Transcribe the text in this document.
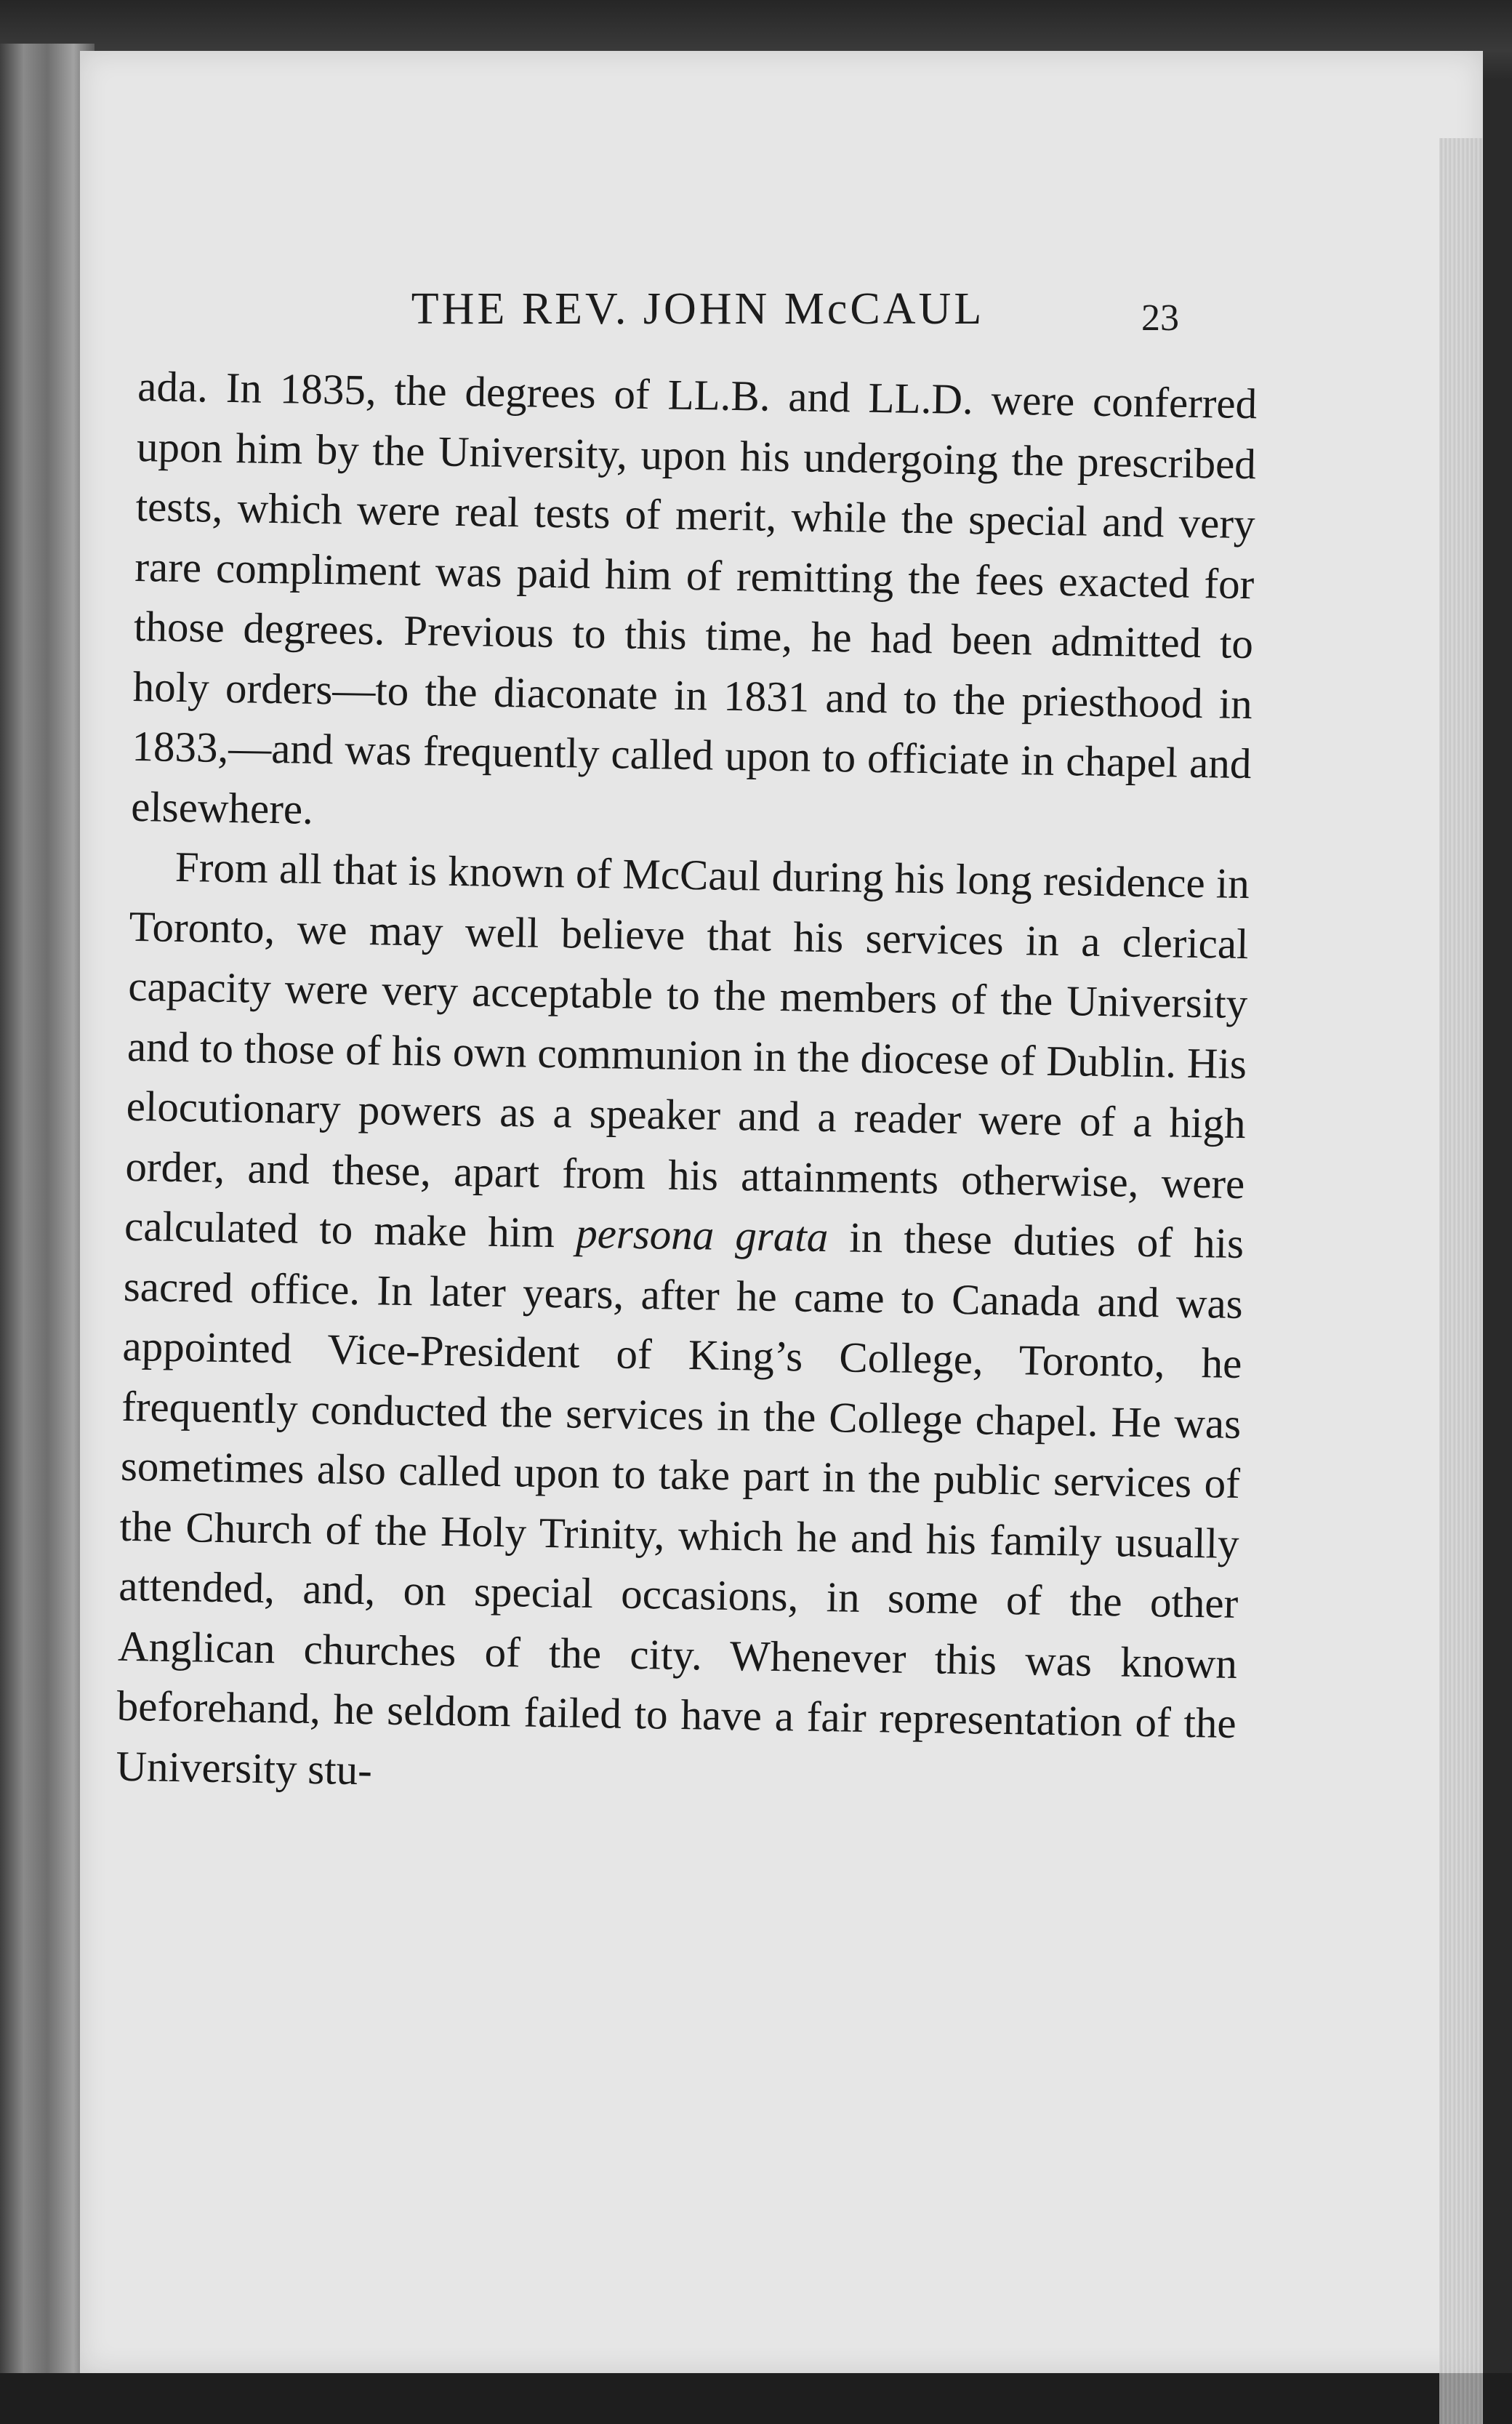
THE REV. JOHN McCAUL	23

ada. In 1835, the degrees of LL.B. and LL.D. were conferred upon him by the University, upon his undergoing the prescribed tests, which were real tests of merit, while the special and very rare compliment was paid him of remitting the fees exacted for those degrees. Previous to this time, he had been admitted to holy orders—to the diaconate in 1831 and to the priesthood in 1833,—and was frequently called upon to officiate in chapel and elsewhere.

From all that is known of McCaul during his long residence in Toronto, we may well believe that his services in a clerical capacity were very acceptable to the members of the University and to those of his own communion in the diocese of Dublin. His elocutionary powers as a speaker and a reader were of a high order, and these, apart from his attainments otherwise, were calculated to make him persona grata in these duties of his sacred office. In later years, after he came to Canada and was appointed Vice-President of King’s College, Toronto, he frequently conducted the services in the College chapel. He was sometimes also called upon to take part in the public services of the Church of the Holy Trinity, which he and his family usually attended, and, on special occasions, in some of the other Anglican churches of the city. Whenever this was known beforehand, he seldom failed to have a fair representation of the University stu-
